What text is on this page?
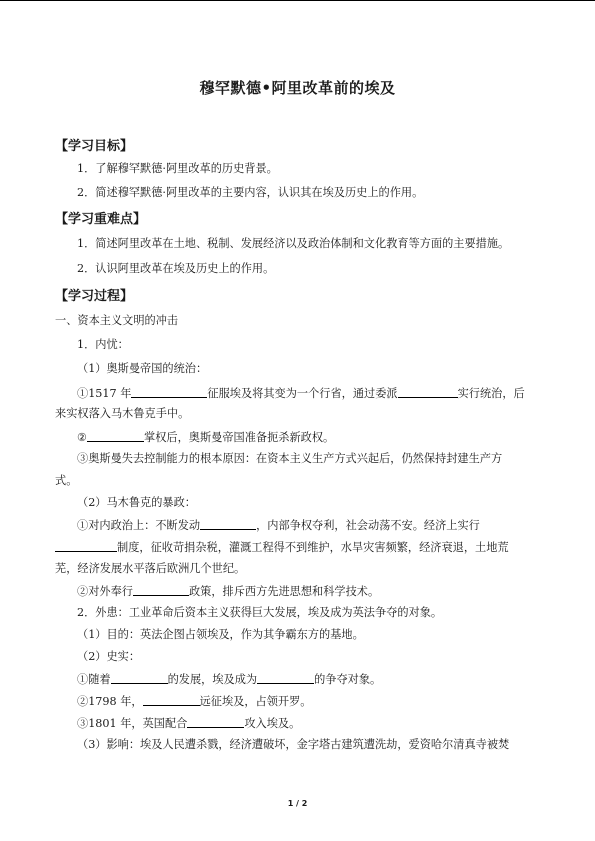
穆罕默德•阿里改革前的埃及
【学习目标】
1．了解穆罕默德·阿里改革的历史背景。
2．简述穆罕默德·阿里改革的主要内容，认识其在埃及历史上的作用。
【学习重难点】
1．简述阿里改革在土地、税制、发展经济以及政治体制和文化教育等方面的主要措施。
2．认识阿里改革在埃及历史上的作用。
【学习过程】
一、资本主义文明的冲击
1．内忧：
（1）奥斯曼帝国的统治：
①1517 年	征服埃及将其变为一个行省，通过委派	实行统治，后
来实权落入马木鲁克手中。
②	掌权后，奥斯曼帝国准备扼杀新政权。
③奥斯曼失去控制能力的根本原因：在资本主义生产方式兴起后，仍然保持封建生产方
式。
（2）马木鲁克的暴政：
①对内政治上：不断发动	，内部争权夺利，社会动荡不安。经济上实行
制度，征收苛捐杂税，灌溉工程得不到维护，水旱灾害频繁，经济衰退，土地荒
芜，经济发展水平落后欧洲几个世纪。
②对外奉行	政策，排斥西方先进思想和科学技术。
2．外患：工业革命后资本主义获得巨大发展，埃及成为英法争夺的对象。
（1）目的：英法企图占领埃及，作为其争霸东方的基地。
（2）史实：
①随着	的发展，埃及成为	的争夺对象。
②1798 年，	远征埃及，占领开罗。
③1801 年，英国配合	攻入埃及。
（3）影响：埃及人民遭杀戮，经济遭破坏，金字塔古建筑遭洗劫，爱资哈尔清真寺被焚
1 / 2
